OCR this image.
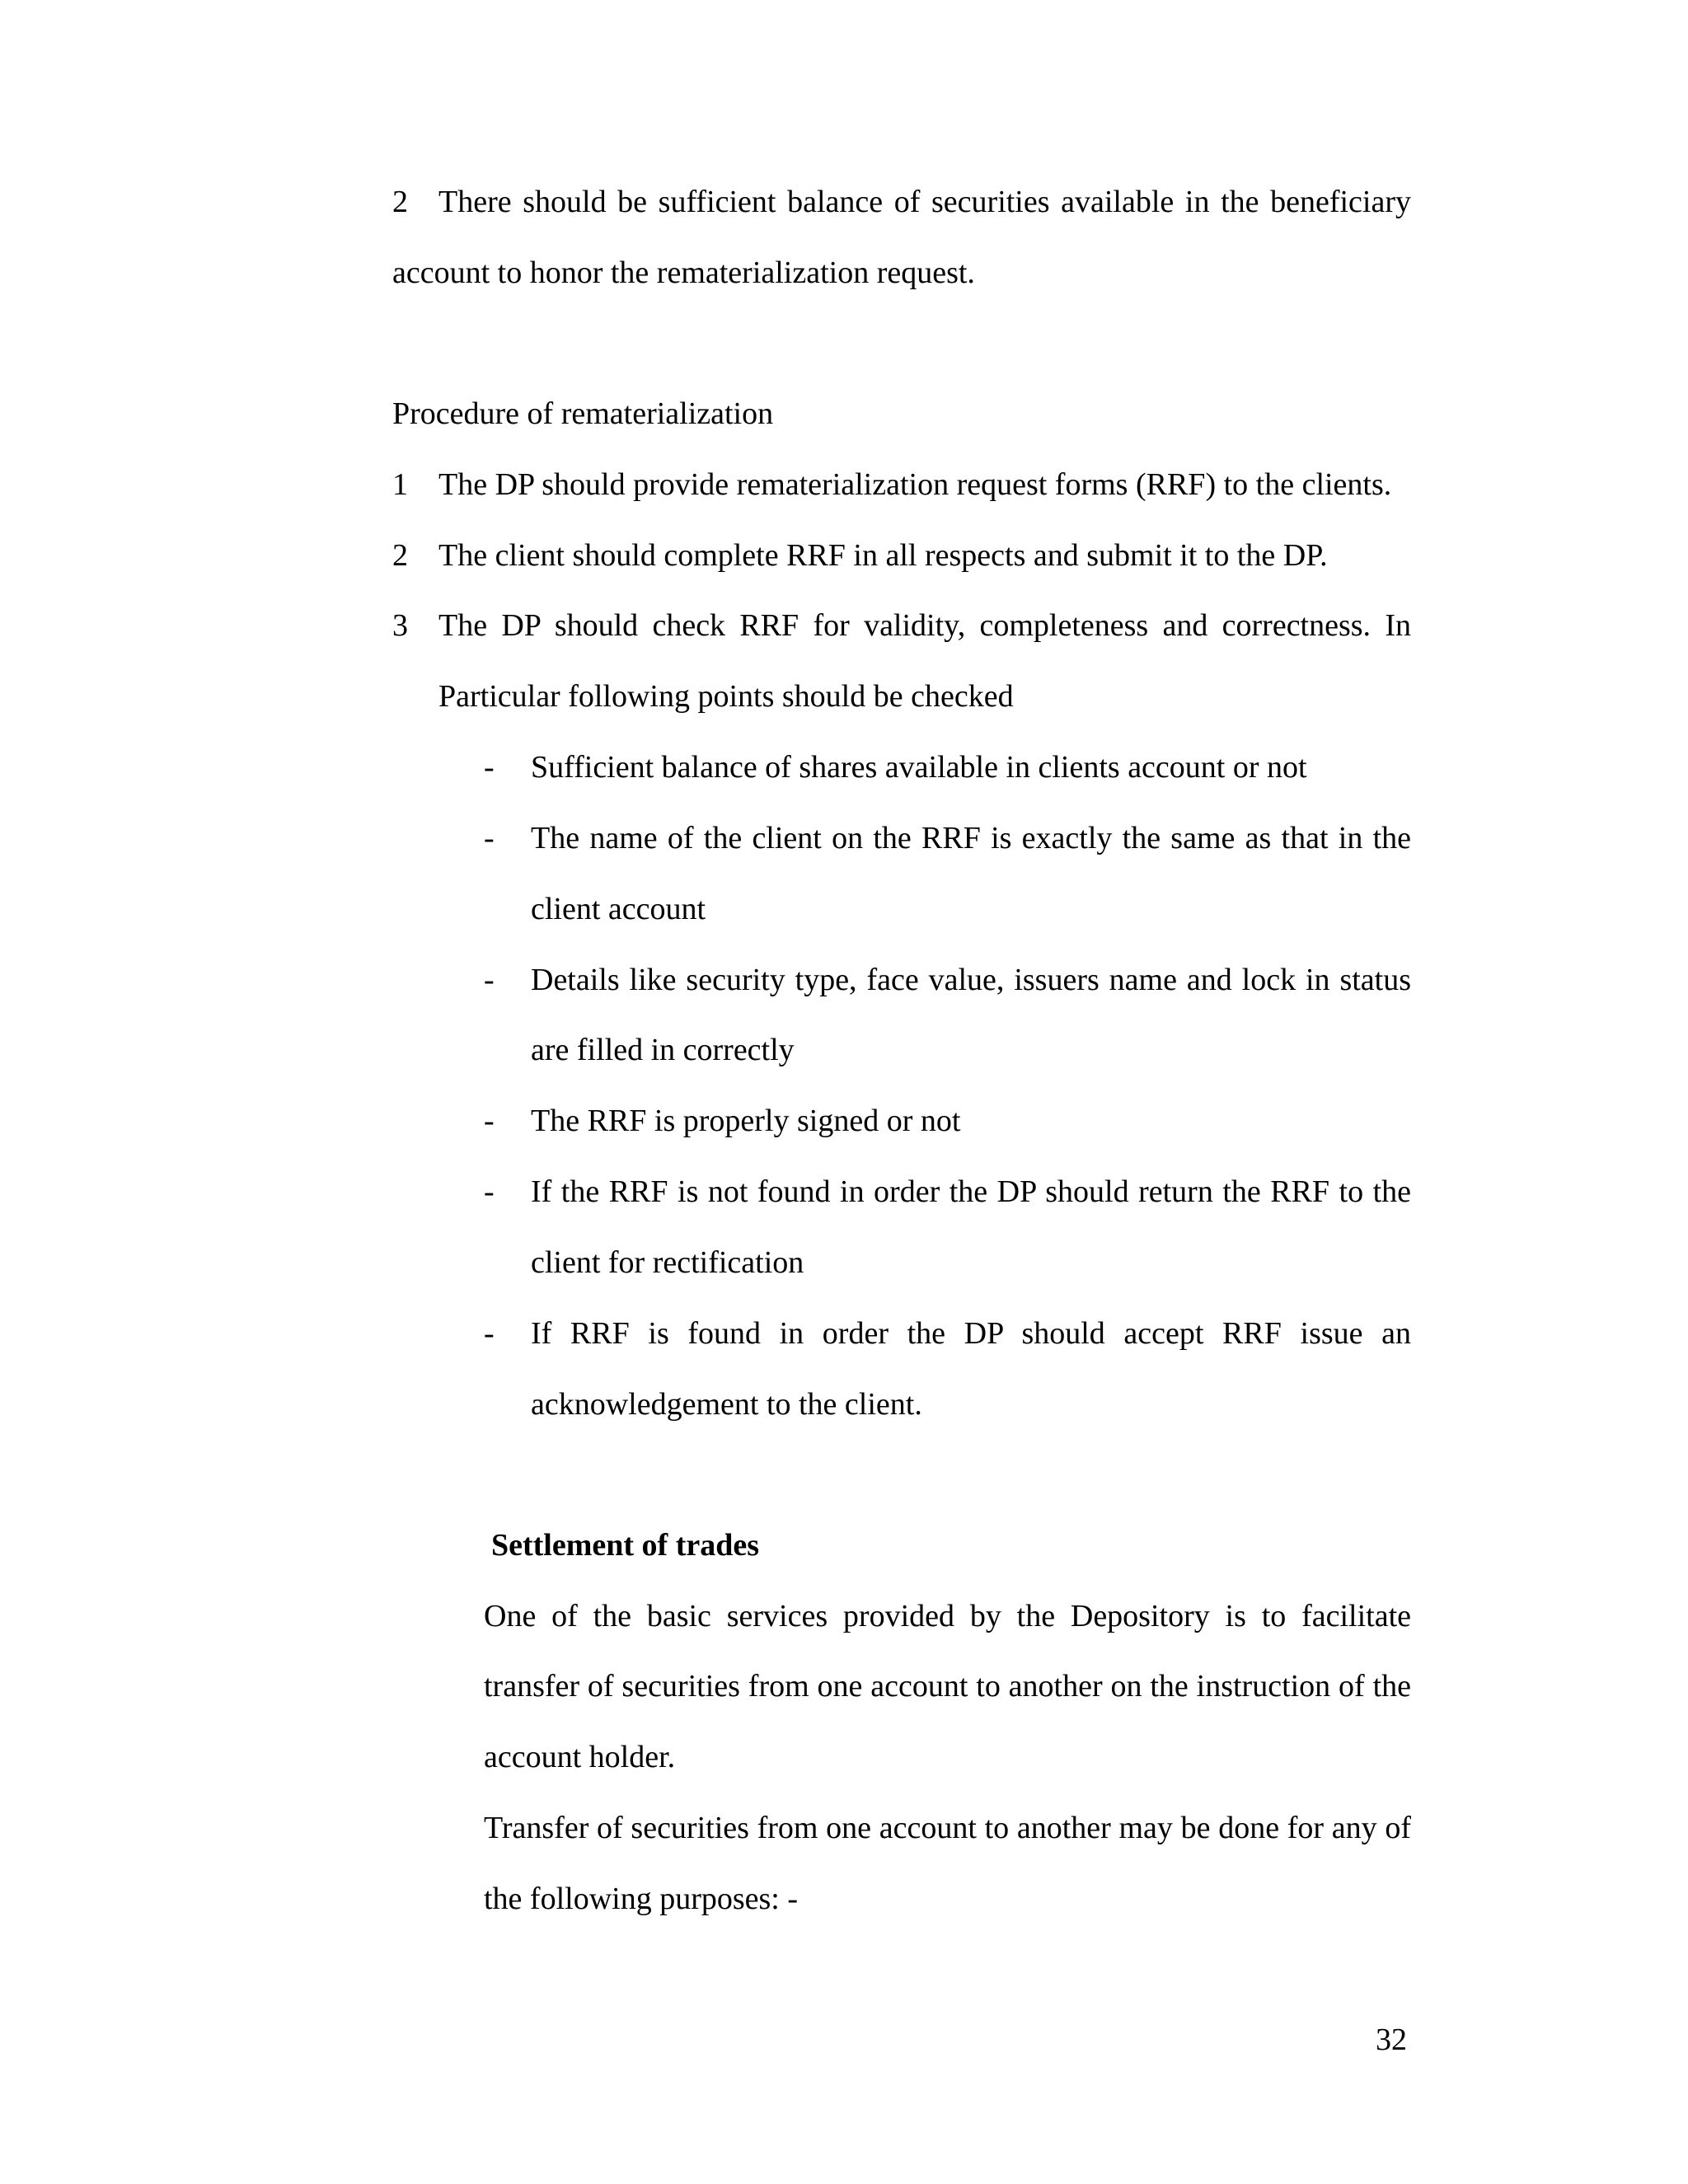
2 There should be sufficient balance of securities available in the beneficiary
account to honor the rematerialization request.
Procedure of rematerialization
1 The DP should provide rematerialization request forms (RRF) to the clients.
2 The client should complete RRF in all respects and submit it to the DP.
3 The DP should check RRF for validity, completeness and correctness. In
Particular following points should be checked
- Sufficient balance of shares available in clients account or not
- The name of the client on the RRF is exactly the same as that in the
client account
- Details like security type, face value, issuers name and lock in status
are filled in correctly
- The RRF is properly signed or not
- If the RRF is not found in order the DP should return the RRF to the
client for rectification
- If RRF is found in order the DP should accept RRF issue an
acknowledgement to the client.
Settlement of trades
One of the basic services provided by the Depository is to facilitate
transfer of securities from one account to another on the instruction of the
account holder.
Transfer of securities from one account to another may be done for any of
the following purposes: -
32
